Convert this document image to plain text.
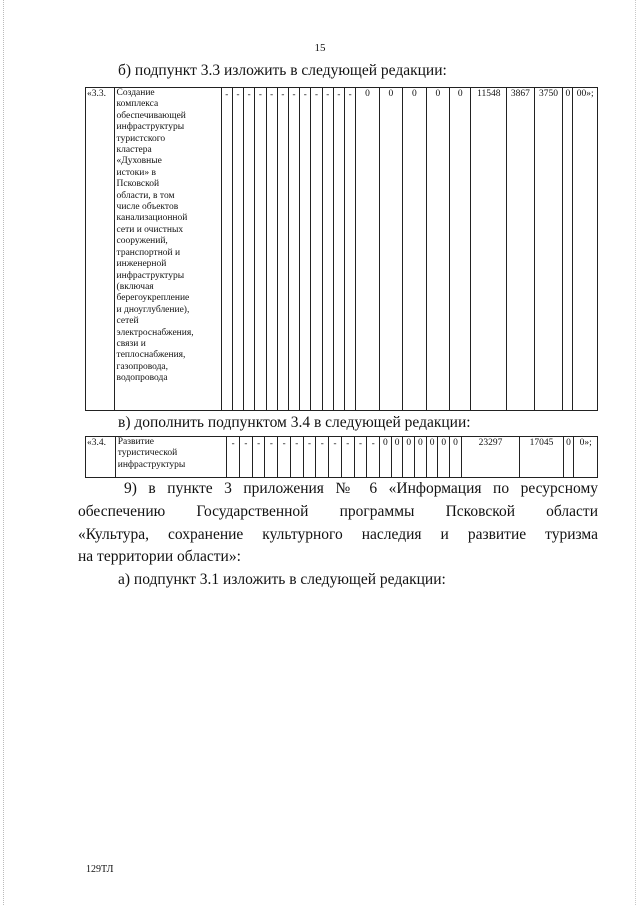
15
б) подпункт 3.3 изложить в следующей редакции:
«3.3.	Создание
комплекса
обеспечивающей
инфраструктуры
туристского
кластера
«Духовные
истоки» в
Псковской
области, в том
числе объектов
канализационной
сети и очистных
сооружений,
транспортной и
инженерной
инфраструктуры
(включая
берегоукрепление
и дноуглубление),
сетей
электроснабжения,
связи и
теплоснабжения,
газопровода,
водопровода
	-	-	-	-	-	-	-	-	-	-	-	-	0	0	0	0	0	11548	3867	3750	0	00»;
в) дополнить подпунктом 3.4 в следующей редакции:
«3.4.	Развитие
туристической
инфраструктуры
	-	-	-	-	-	-	-	-	-	-	-	-	0	0	0	0	0	0	0	23297	17045	0	0»;
9) в пункте 3 приложения № 6 «Информация по ресурсному
обеспечению Государственной программы Псковской области
«Культура, сохранение культурного наследия и развитие туризма
на территории области»:
а) подпункт 3.1 изложить в следующей редакции:
129ТЛ
